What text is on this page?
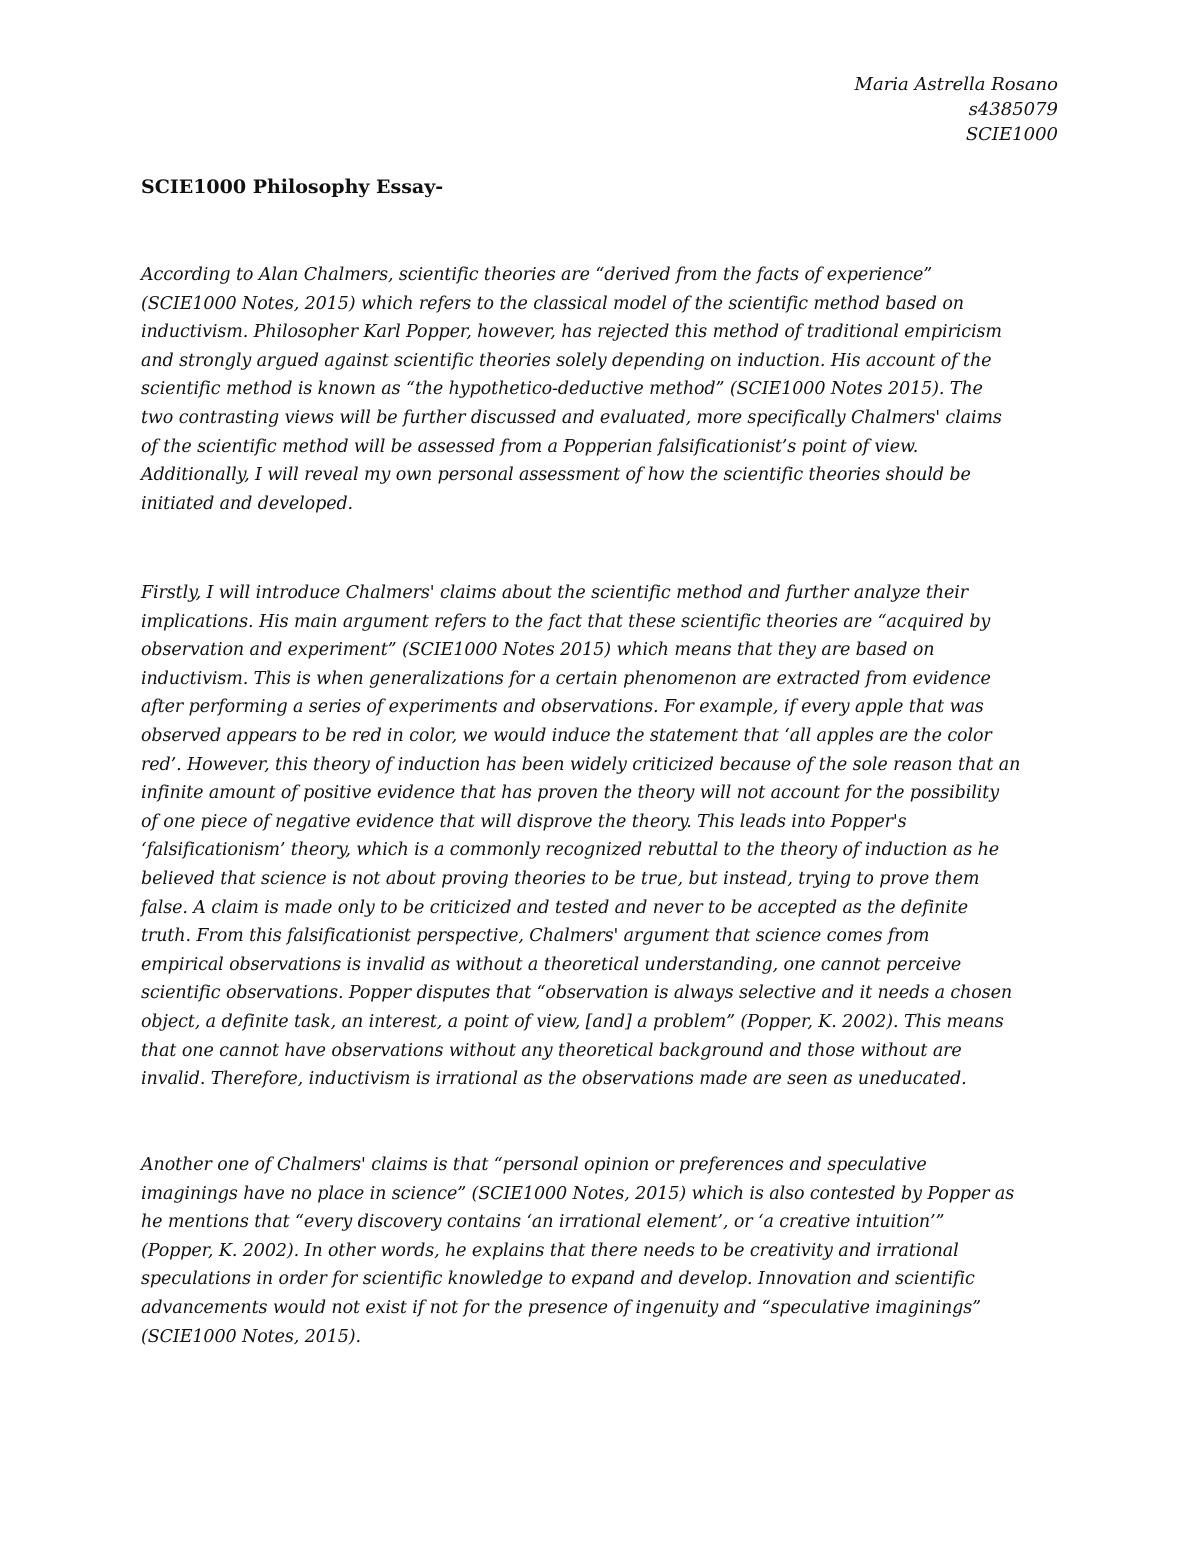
Maria Astrella Rosano
s4385079
SCIE1000
SCIE1000 Philosophy Essay-

According to Alan Chalmers, scientific theories are “derived from the facts of experience”
(SCIE1000 Notes, 2015) which refers to the classical model of the scientific method based on
inductivism. Philosopher Karl Popper, however, has rejected this method of traditional empiricism
and strongly argued against scientific theories solely depending on induction. His account of the
scientific method is known as “the hypothetico-deductive method” (SCIE1000 Notes 2015). The
two contrasting views will be further discussed and evaluated, more specifically Chalmers' claims
of the scientific method will be assessed from a Popperian falsificationist’s point of view.
Additionally, I will reveal my own personal assessment of how the scientific theories should be
initiated and developed.

Firstly, I will introduce Chalmers' claims about the scientific method and further analyze their
implications. His main argument refers to the fact that these scientific theories are “acquired by
observation and experiment” (SCIE1000 Notes 2015) which means that they are based on
inductivism. This is when generalizations for a certain phenomenon are extracted from evidence
after performing a series of experiments and observations. For example, if every apple that was
observed appears to be red in color, we would induce the statement that ‘all apples are the color
red’. However, this theory of induction has been widely criticized because of the sole reason that an
infinite amount of positive evidence that has proven the theory will not account for the possibility
of one piece of negative evidence that will disprove the theory. This leads into Popper's
‘falsificationism’ theory, which is a commonly recognized rebuttal to the theory of induction as he
believed that science is not about proving theories to be true, but instead, trying to prove them
false. A claim is made only to be criticized and tested and never to be accepted as the definite
truth. From this falsificationist perspective, Chalmers' argument that science comes from
empirical observations is invalid as without a theoretical understanding, one cannot perceive
scientific observations. Popper disputes that “observation is always selective and it needs a chosen
object, a definite task, an interest, a point of view, [and] a problem” (Popper, K. 2002). This means
that one cannot have observations without any theoretical background and those without are
invalid. Therefore, inductivism is irrational as the observations made are seen as uneducated.

Another one of Chalmers' claims is that “personal opinion or preferences and speculative
imaginings have no place in science” (SCIE1000 Notes, 2015) which is also contested by Popper as
he mentions that “every discovery contains ‘an irrational element’, or ‘a creative intuition’”
(Popper, K. 2002). In other words, he explains that there needs to be creativity and irrational
speculations in order for scientific knowledge to expand and develop. Innovation and scientific
advancements would not exist if not for the presence of ingenuity and “speculative imaginings”
(SCIE1000 Notes, 2015).
